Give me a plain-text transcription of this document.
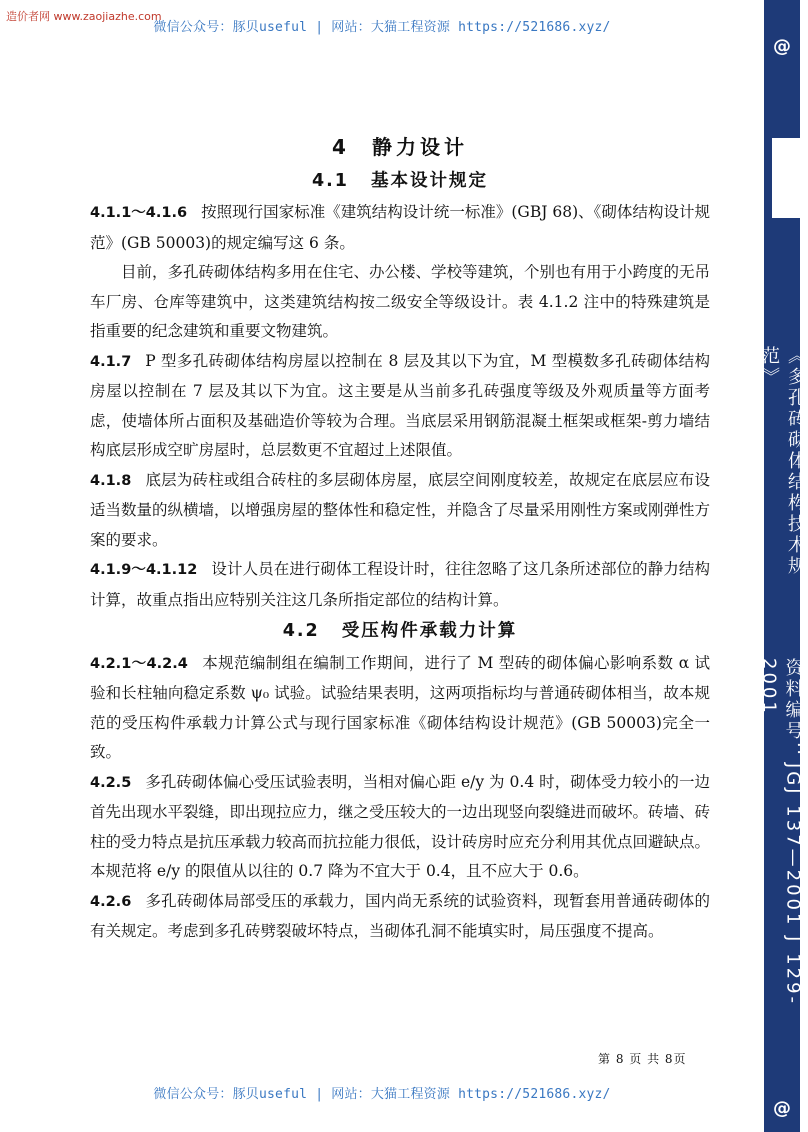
造价者网 www.zaojiazhe.com
微信公众号：豚贝useful | 网站：大猫工程资源 https://521686.xyz/
@
《多孔砖砌体结构技术规范》
资料编号：JGJ 137—2001 J 129-2001
@
4 静力设计
4.1 基本设计规定

4.1.1～4.1.6 按照现行国家标准《建筑结构设计统一标准》(GBJ 68)、《砌体结构设计规范》(GB 50003)的规定编写这 6 条。

目前，多孔砖砌体结构多用在住宅、办公楼、学校等建筑，个别也有用于小跨度的无吊车厂房、仓库等建筑中，这类建筑结构按二级安全等级设计。表 4.1.2 注中的特殊建筑是指重要的纪念建筑和重要文物建筑。

4.1.7 P 型多孔砖砌体结构房屋以控制在 8 层及其以下为宜，M 型模数多孔砖砌体结构房屋以控制在 7 层及其以下为宜。这主要是从当前多孔砖强度等级及外观质量等方面考虑，使墙体所占面积及基础造价等较为合理。当底层采用钢筋混凝土框架或框架-剪力墙结构底层形成空旷房屋时，总层数更不宜超过上述限值。

4.1.8 底层为砖柱或组合砖柱的多层砌体房屋，底层空间刚度较差，故规定在底层应布设适当数量的纵横墙，以增强房屋的整体性和稳定性，并隐含了尽量采用刚性方案或刚弹性方案的要求。

4.1.9～4.1.12 设计人员在进行砌体工程设计时，往往忽略了这几条所述部位的静力结构计算，故重点指出应特别关注这几条所指定部位的结构计算。

4.2 受压构件承载力计算

4.2.1～4.2.4 本规范编制组在编制工作期间，进行了 M 型砖的砌体偏心影响系数 α 试验和长柱轴向稳定系数 ψ₀ 试验。试验结果表明，这两项指标均与普通砖砌体相当，故本规范的受压构件承载力计算公式与现行国家标准《砌体结构设计规范》(GB 50003)完全一致。

4.2.5 多孔砖砌体偏心受压试验表明，当相对偏心距 e/y 为 0.4 时，砌体受力较小的一边首先出现水平裂缝，即出现拉应力，继之受压较大的一边出现竖向裂缝进而破坏。砖墙、砖柱的受力特点是抗压承载力较高而抗拉能力很低，设计砖房时应充分利用其优点回避缺点。本规范将 e/y 的限值从以往的 0.7 降为不宜大于 0.4，且不应大于 0.6。

4.2.6 多孔砖砌体局部受压的承载力，国内尚无系统的试验资料，现暂套用普通砖砌体的有关规定。考虑到多孔砖劈裂破坏特点，当砌体孔洞不能填实时，局压强度不提高。

第 8 页 共 8页
微信公众号：豚贝useful | 网站：大猫工程资源 https://521686.xyz/
